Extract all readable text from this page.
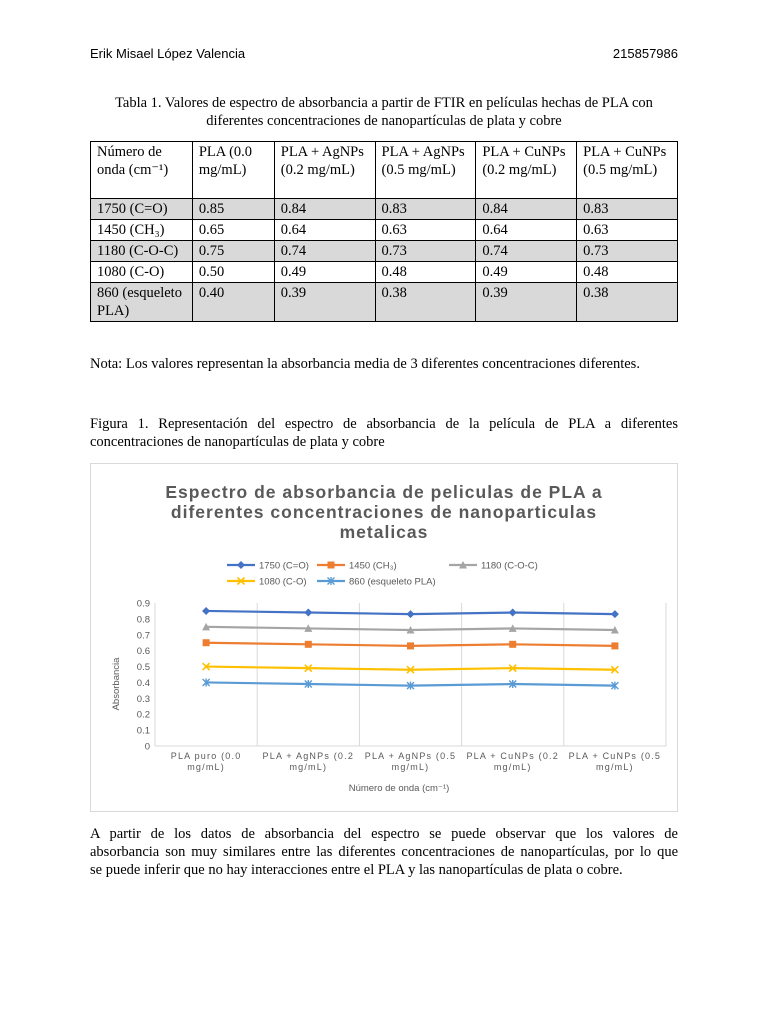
Erik Misael López Valencia	215857986
Tabla 1. Valores de espectro de absorbancia a partir de FTIR en películas hechas de PLA con
diferentes concentraciones de nanopartículas de plata y cobre
Número de onda (cm⁻¹)	PLA (0.0 mg/mL)	PLA + AgNPs (0.2 mg/mL)	PLA + AgNPs (0.5 mg/mL)	PLA + CuNPs (0.2 mg/mL)	PLA + CuNPs (0.5 mg/mL)
1750 (C=O)	0.85	0.84	0.83	0.84	0.83
1450 (CH₃)	0.65	0.64	0.63	0.64	0.63
1180 (C-O-C)	0.75	0.74	0.73	0.74	0.73
1080 (C-O)	0.50	0.49	0.48	0.49	0.48
860 (esqueleto PLA)	0.40	0.39	0.38	0.39	0.38
Nota: Los valores representan la absorbancia media de 3 diferentes concentraciones diferentes.
Figura 1. Representación del espectro de absorbancia de la película de PLA a diferentes concentraciones de nanopartículas de plata y cobre
Espectro de absorbancia de peliculas de PLA a
diferentes concentraciones de nanoparticulas
metalicas
1750 (C=O)	1450 (CH₃)	1180 (C-O-C)
1080 (C-O)	860 (esqueleto PLA)
0
0.1
0.2
0.3
0.4
0.5
0.6
0.7
0.8
0.9
PLA puro (0.0
mg/mL)
PLA + AgNPs (0.2
mg/mL)
PLA + AgNPs (0.5
mg/mL)
PLA + CuNPs (0.2
mg/mL)
PLA + CuNPs (0.5
mg/mL)
Absorbancia
Número de onda (cm⁻¹)
A partir de los datos de absorbancia del espectro se puede observar que los valores de
absorbancia son muy similares entre las diferentes concentraciones de nanopartículas, por lo que
se puede inferir que no hay interacciones entre el PLA y las nanopartículas de plata o cobre.
